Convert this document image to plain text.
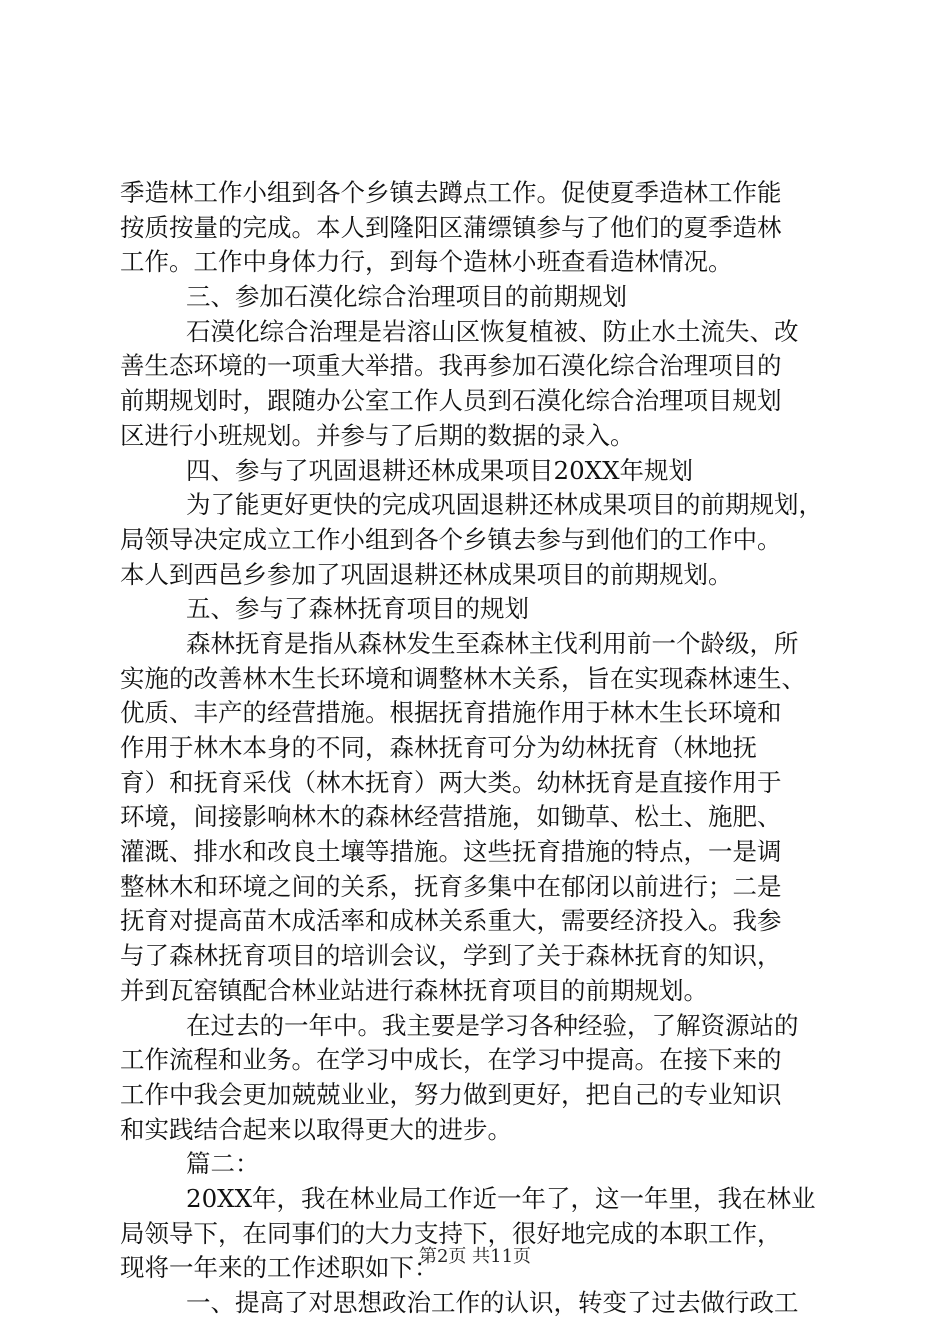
季造林工作小组到各个乡镇去蹲点工作。促使夏季造林工作能
按质按量的完成。本人到隆阳区蒲缥镇参与了他们的夏季造林
工作。工作中身体力行，到每个造林小班查看造林情况。
三、参加石漠化综合治理项目的前期规划
石漠化综合治理是岩溶山区恢复植被、防止水土流失、改
善生态环境的一项重大举措。我再参加石漠化综合治理项目的
前期规划时，跟随办公室工作人员到石漠化综合治理项目规划
区进行小班规划。并参与了后期的数据的录入。
四、参与了巩固退耕还林成果项目20XX年规划
为了能更好更快的完成巩固退耕还林成果项目的前期规划，
局领导决定成立工作小组到各个乡镇去参与到他们的工作中。
本人到西邑乡参加了巩固退耕还林成果项目的前期规划。
五、参与了森林抚育项目的规划
森林抚育是指从森林发生至森林主伐利用前一个龄级，所
实施的改善林木生长环境和调整林木关系，旨在实现森林速生、
优质、丰产的经营措施。根据抚育措施作用于林木生长环境和
作用于林木本身的不同，森林抚育可分为幼林抚育（林地抚
育）和抚育采伐（林木抚育）两大类。幼林抚育是直接作用于
环境，间接影响林木的森林经营措施，如锄草、松土、施肥、
灌溉、排水和改良土壤等措施。这些抚育措施的特点，一是调
整林木和环境之间的关系，抚育多集中在郁闭以前进行；二是
抚育对提高苗木成活率和成林关系重大，需要经济投入。我参
与了森林抚育项目的培训会议，学到了关于森林抚育的知识，
并到瓦窑镇配合林业站进行森林抚育项目的前期规划。
在过去的一年中。我主要是学习各种经验，了解资源站的
工作流程和业务。在学习中成长，在学习中提高。在接下来的
工作中我会更加兢兢业业，努力做到更好，把自己的专业知识
和实践结合起来以取得更大的进步。
篇二：
20XX年，我在林业局工作近一年了，这一年里，我在林业
局领导下，在同事们的大力支持下，很好地完成的本职工作，
现将一年来的工作述职如下：
一、提高了对思想政治工作的认识，转变了过去做行政工
第2页 共11页
